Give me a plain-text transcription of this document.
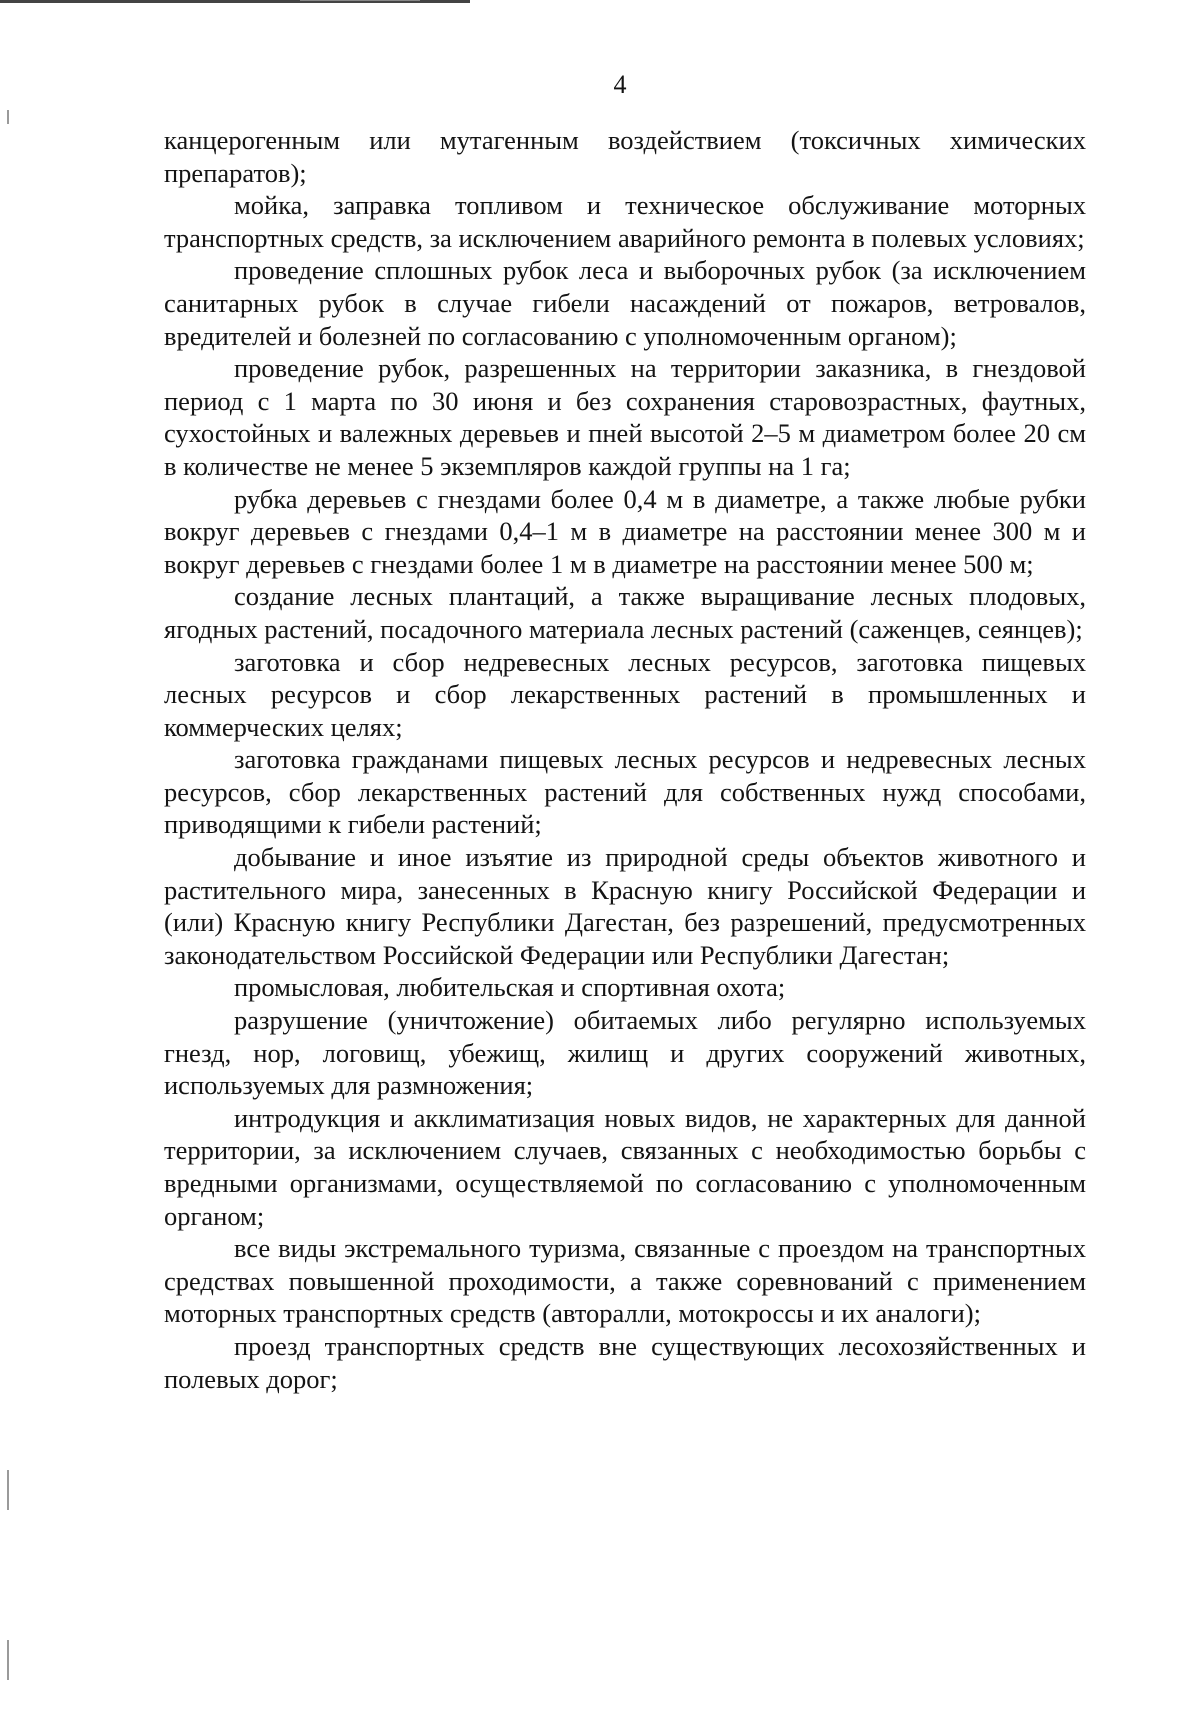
4

канцерогенным или мутагенным воздействием (токсичных химических препаратов);

мойка, заправка топливом и техническое обслуживание моторных транспортных средств, за исключением аварийного ремонта в полевых условиях;

проведение сплошных рубок леса и выборочных рубок (за исключением санитарных рубок в случае гибели насаждений от пожаров, ветровалов, вредителей и болезней по согласованию с уполномоченным органом);

проведение рубок, разрешенных на территории заказника, в гнездовой период с 1 марта по 30 июня и без сохранения старовозрастных, фаутных, сухостойных и валежных деревьев и пней высотой 2–5 м диаметром более 20 см в количестве не менее 5 экземпляров каждой группы на 1 га;

рубка деревьев с гнездами более 0,4 м в диаметре, а также любые рубки вокруг деревьев с гнездами 0,4–1 м в диаметре на расстоянии менее 300 м и вокруг деревьев с гнездами более 1 м в диаметре на расстоянии менее 500 м;

создание лесных плантаций, а также выращивание лесных плодовых, ягодных растений, посадочного материала лесных растений (саженцев, сеянцев);

заготовка и сбор недревесных лесных ресурсов, заготовка пищевых лесных ресурсов и сбор лекарственных растений в промышленных и коммерческих целях;

заготовка гражданами пищевых лесных ресурсов и недревесных лесных ресурсов, сбор лекарственных растений для собственных нужд способами, приводящими к гибели растений;

добывание и иное изъятие из природной среды объектов животного и растительного мира, занесенных в Красную книгу Российской Федерации и (или) Красную книгу Республики Дагестан, без разрешений, предусмотренных законодательством Российской Федерации или Республики Дагестан;

промысловая, любительская и спортивная охота;

разрушение (уничтожение) обитаемых либо регулярно используемых гнезд, нор, логовищ, убежищ, жилищ и других сооружений животных, используемых для размножения;

интродукция и акклиматизация новых видов, не характерных для данной территории, за исключением случаев, связанных с необходимостью борьбы с вредными организмами, осуществляемой по согласованию с уполномоченным органом;

все виды экстремального туризма, связанные с проездом на транспортных средствах повышенной проходимости, а также соревнований с применением моторных транспортных средств (авторалли, мотокроссы и их аналоги);

проезд транспортных средств вне существующих лесохозяйственных и полевых дорог;
